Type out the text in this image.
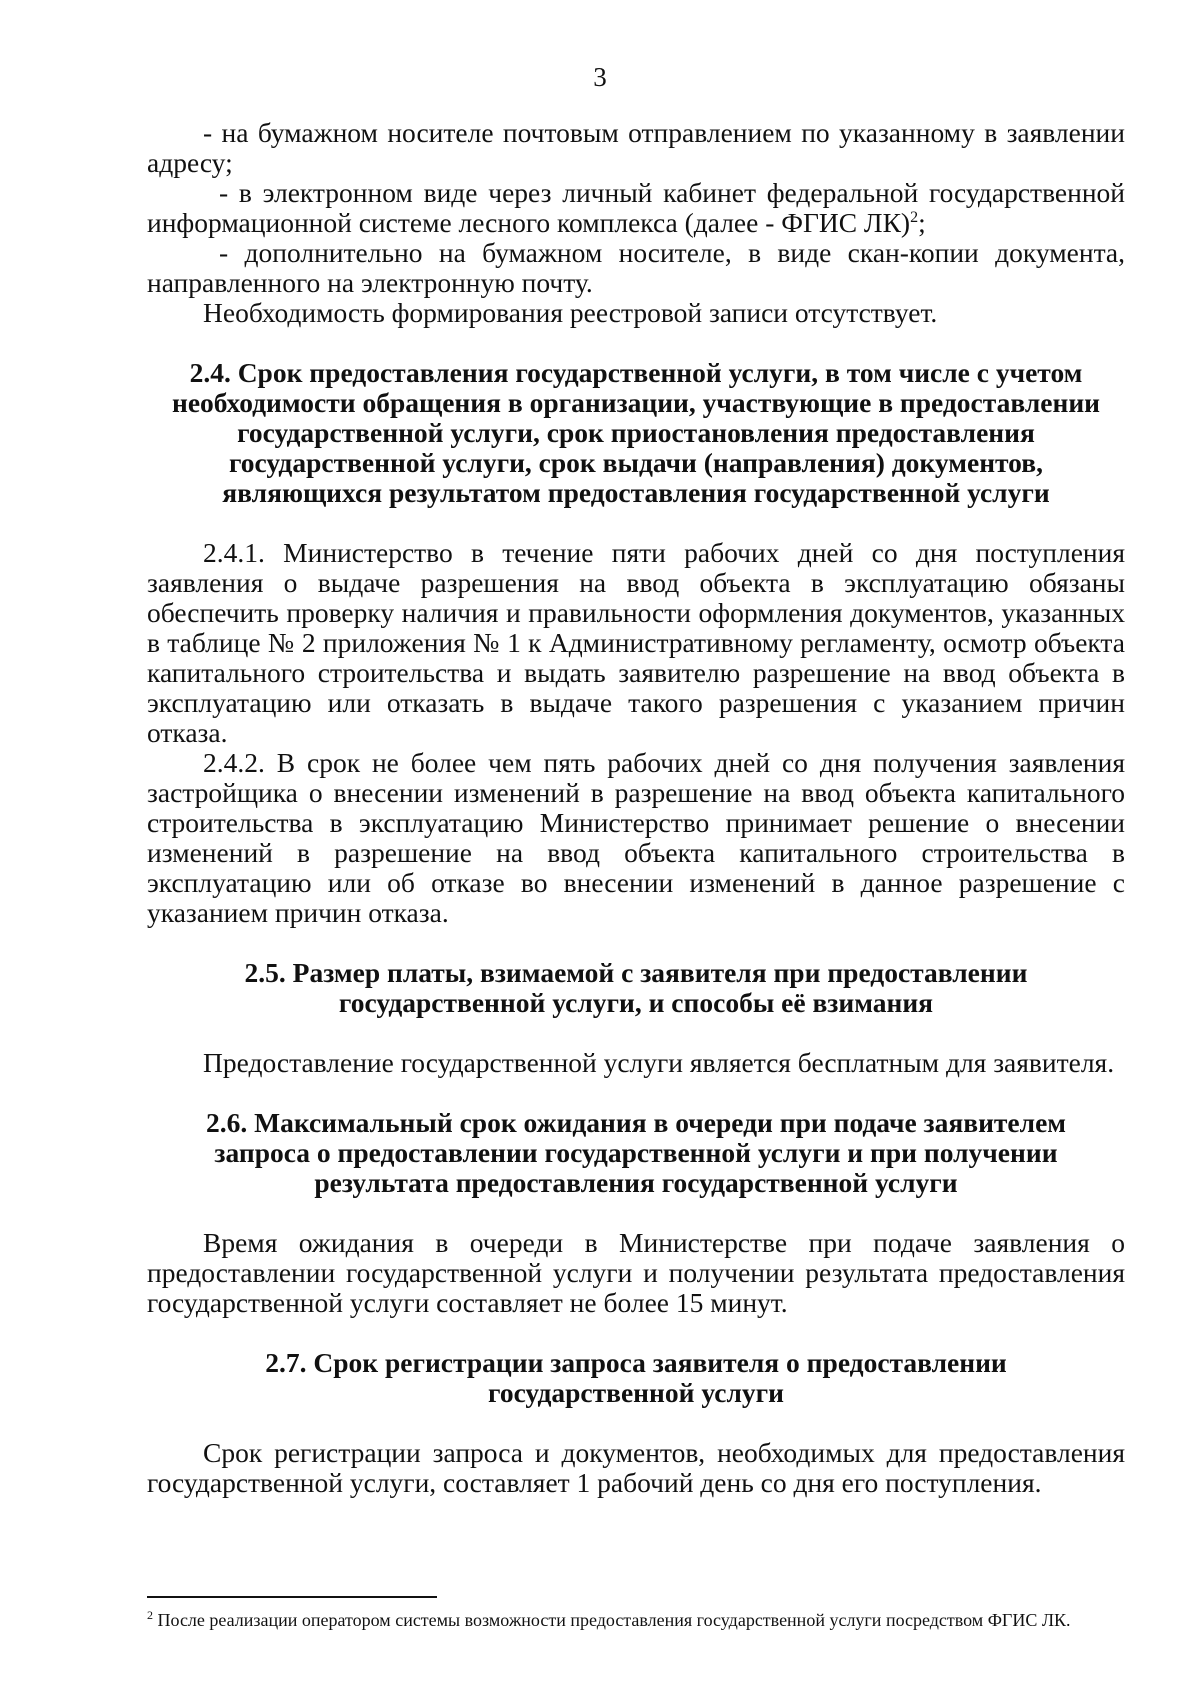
3

- на бумажном носителе почтовым отправлением по указанному в заявлении адресу;

- в электронном виде через личный кабинет федеральной государственной информационной системе лесного комплекса (далее - ФГИС ЛК)$^2$;

- дополнительно на бумажном носителе, в виде скан-копии документа, направленного на электронную почту.

Необходимость формирования реестровой записи отсутствует.

2.4. Срок предоставления государственной услуги, в том числе с учетом необходимости обращения в организации, участвующие в предоставлении государственной услуги, срок приостановления предоставления государственной услуги, срок выдачи (направления) документов, являющихся результатом предоставления государственной услуги

2.4.1. Министерство в течение пяти рабочих дней со дня поступления заявления о выдаче разрешения на ввод объекта в эксплуатацию обязаны обеспечить проверку наличия и правильности оформления документов, указанных в таблице № 2 приложения № 1 к Административному регламенту, осмотр объекта капитального строительства и выдать заявителю разрешение на ввод объекта в эксплуатацию или отказать в выдаче такого разрешения с указанием причин отказа.

2.4.2. В срок не более чем пять рабочих дней со дня получения заявления застройщика о внесении изменений в разрешение на ввод объекта капитального строительства в эксплуатацию Министерство принимает решение о внесении изменений в разрешение на ввод объекта капитального строительства в эксплуатацию или об отказе во внесении изменений в данное разрешение с указанием причин отказа.

2.5. Размер платы, взимаемой с заявителя при предоставлении государственной услуги, и способы её взимания

Предоставление государственной услуги является бесплатным для заявителя.

2.6. Максимальный срок ожидания в очереди при подаче заявителем запроса о предоставлении государственной услуги и при получении результата предоставления государственной услуги

Время ожидания в очереди в Министерстве при подаче заявления о предоставлении государственной услуги и получении результата предоставления государственной услуги составляет не более 15 минут.

2.7. Срок регистрации запроса заявителя о предоставлении государственной услуги

Срок регистрации запроса и документов, необходимых для предоставления государственной услуги, составляет 1 рабочий день со дня его поступления.

$^2$ После реализации оператором системы возможности предоставления государственной услуги посредством ФГИС ЛК.
